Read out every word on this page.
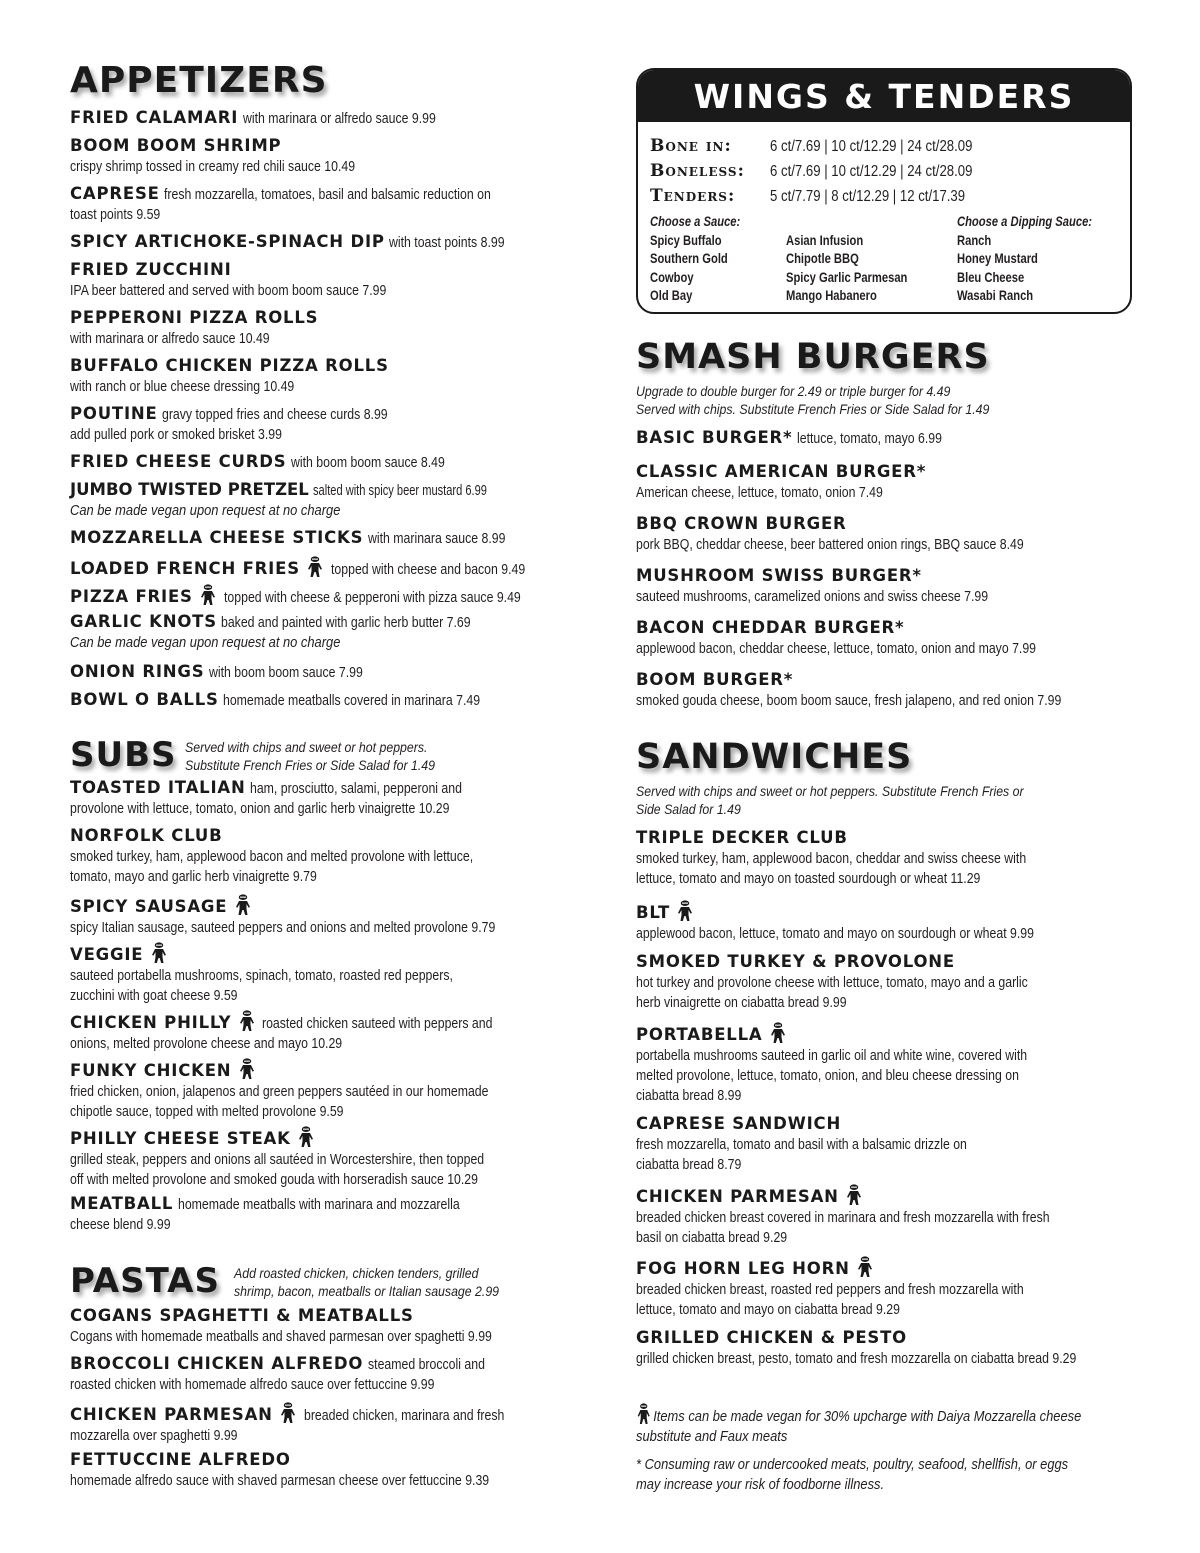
APPETIZERS
FRIED CALAMARI with marinara or alfredo sauce 9.99
BOOM BOOM SHRIMP
crispy shrimp tossed in creamy red chili sauce 10.49
CAPRESE fresh mozzarella, tomatoes, basil and balsamic reduction on
toast points 9.59
SPICY ARTICHOKE-SPINACH DIP with toast points 8.99
FRIED ZUCCHINI
IPA beer battered and served with boom boom sauce 7.99
PEPPERONI PIZZA ROLLS
with marinara or alfredo sauce 10.49
BUFFALO CHICKEN PIZZA ROLLS
with ranch or blue cheese dressing 10.49
POUTINE gravy topped fries and cheese curds 8.99
add pulled pork or smoked brisket 3.99
FRIED CHEESE CURDS with boom boom sauce 8.49
JUMBO TWISTED PRETZEL salted with spicy beer mustard 6.99
Can be made vegan upon request at no charge
MOZZARELLA CHEESE STICKS with marinara sauce 8.99
LOADED FRENCH FRIES topped with cheese and bacon 9.49
PIZZA FRIES topped with cheese & pepperoni with pizza sauce 9.49
GARLIC KNOTS baked and painted with garlic herb butter 7.69
Can be made vegan upon request at no charge
ONION RINGS with boom boom sauce 7.99
BOWL O BALLS homemade meatballs covered in marinara 7.49
SUBS Served with chips and sweet or hot peppers.
Substitute French Fries or Side Salad for 1.49
TOASTED ITALIAN ham, prosciutto, salami, pepperoni and
provolone with lettuce, tomato, onion and garlic herb vinaigrette 10.29
NORFOLK CLUB
smoked turkey, ham, applewood bacon and melted provolone with lettuce,
tomato, mayo and garlic herb vinaigrette 9.79
SPICY SAUSAGE
spicy Italian sausage, sauteed peppers and onions and melted provolone 9.79
VEGGIE
sauteed portabella mushrooms, spinach, tomato, roasted red peppers,
zucchini with goat cheese 9.59
CHICKEN PHILLY roasted chicken sauteed with peppers and
onions, melted provolone cheese and mayo 10.29
FUNKY CHICKEN
fried chicken, onion, jalapenos and green peppers sautéed in our homemade
chipotle sauce, topped with melted provolone 9.59
PHILLY CHEESE STEAK
grilled steak, peppers and onions all sautéed in Worcestershire, then topped
off with melted provolone and smoked gouda with horseradish sauce 10.29
MEATBALL homemade meatballs with marinara and mozzarella
cheese blend 9.99
PASTAS Add roasted chicken, chicken tenders, grilled
shrimp, bacon, meatballs or Italian sausage 2.99
COGANS SPAGHETTI & MEATBALLS
Cogans with homemade meatballs and shaved parmesan over spaghetti 9.99
BROCCOLI CHICKEN ALFREDO steamed broccoli and
roasted chicken with homemade alfredo sauce over fettuccine 9.99
CHICKEN PARMESAN breaded chicken, marinara and fresh
mozzarella over spaghetti 9.99
FETTUCCINE ALFREDO
homemade alfredo sauce with shaved parmesan cheese over fettuccine 9.39
WINGS & TENDERS
Bone in:	6 ct/7.69 | 10 ct/12.29 | 24 ct/28.09
Boneless:	6 ct/7.69 | 10 ct/12.29 | 24 ct/28.09
Tenders:	5 ct/7.79 | 8 ct/12.29 | 12 ct/17.39
Choose a Sauce:
Spicy Buffalo
Southern Gold
Cowboy
Old Bay
Asian Infusion
Chipotle BBQ
Spicy Garlic Parmesan
Mango Habanero
Choose a Dipping Sauce:
Ranch
Honey Mustard
Bleu Cheese
Wasabi Ranch
SMASH BURGERS
Upgrade to double burger for 2.49 or triple burger for 4.49
Served with chips. Substitute French Fries or Side Salad for 1.49
BASIC BURGER* lettuce, tomato, mayo 6.99
CLASSIC AMERICAN BURGER*
American cheese, lettuce, tomato, onion 7.49
BBQ CROWN BURGER
pork BBQ, cheddar cheese, beer battered onion rings, BBQ sauce 8.49
MUSHROOM SWISS BURGER*
sauteed mushrooms, caramelized onions and swiss cheese 7.99
BACON CHEDDAR BURGER*
applewood bacon, cheddar cheese, lettuce, tomato, onion and mayo 7.99
BOOM BURGER*
smoked gouda cheese, boom boom sauce, fresh jalapeno, and red onion 7.99
SANDWICHES
Served with chips and sweet or hot peppers. Substitute French Fries or
Side Salad for 1.49
TRIPLE DECKER CLUB
smoked turkey, ham, applewood bacon, cheddar and swiss cheese with
lettuce, tomato and mayo on toasted sourdough or wheat 11.29
BLT
applewood bacon, lettuce, tomato and mayo on sourdough or wheat 9.99
SMOKED TURKEY & PROVOLONE
hot turkey and provolone cheese with lettuce, tomato, mayo and a garlic
herb vinaigrette on ciabatta bread 9.99
PORTABELLA
portabella mushrooms sauteed in garlic oil and white wine, covered with
melted provolone, lettuce, tomato, onion, and bleu cheese dressing on
ciabatta bread 8.99
CAPRESE SANDWICH
fresh mozzarella, tomato and basil with a balsamic drizzle on
ciabatta bread 8.79
CHICKEN PARMESAN
breaded chicken breast covered in marinara and fresh mozzarella with fresh
basil on ciabatta bread 9.29
FOG HORN LEG HORN
breaded chicken breast, roasted red peppers and fresh mozzarella with
lettuce, tomato and mayo on ciabatta bread 9.29
GRILLED CHICKEN & PESTO
grilled chicken breast, pesto, tomato and fresh mozzarella on ciabatta bread 9.29
Items can be made vegan for 30% upcharge with Daiya Mozzarella cheese
substitute and Faux meats
* Consuming raw or undercooked meats, poultry, seafood, shellfish, or eggs
may increase your risk of foodborne illness.
